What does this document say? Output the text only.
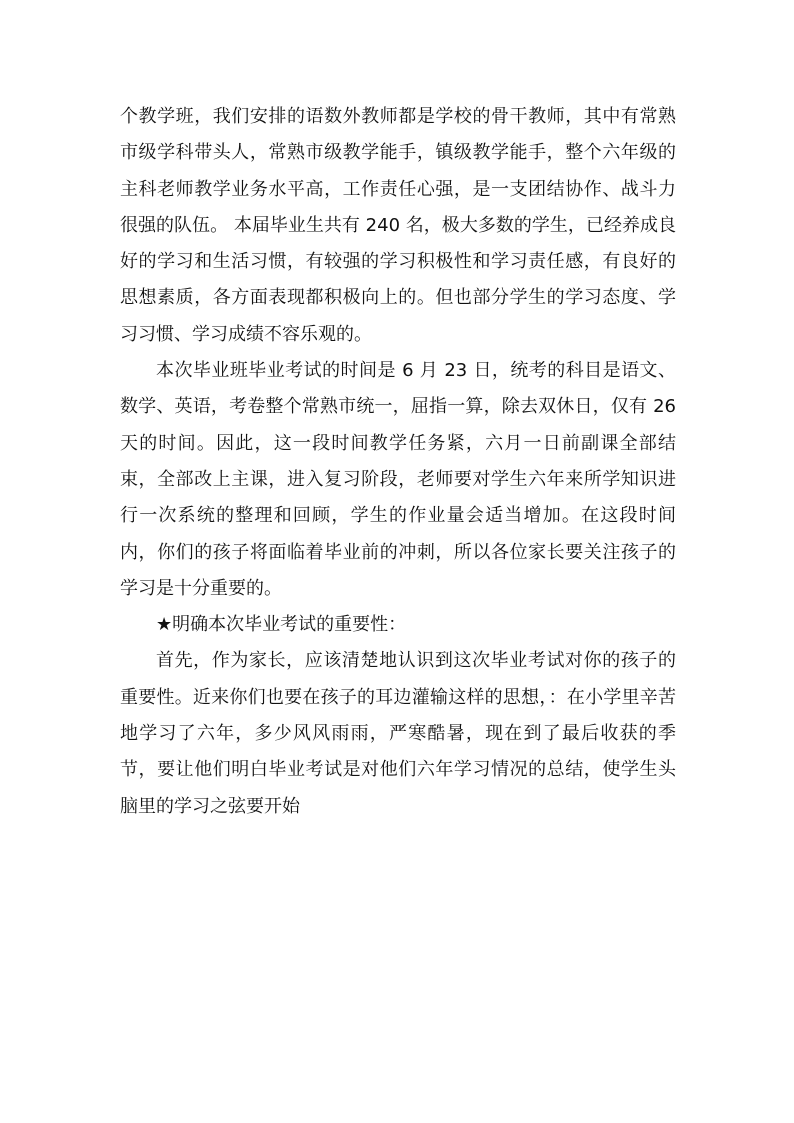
个教学班，我们安排的语数外教师都是学校的骨干教师，其中有常熟市级学科带头人，常熟市级教学能手，镇级教学能手，整个六年级的主科老师教学业务水平高，工作责任心强，是一支团结协作、战斗力很强的队伍。 本届毕业生共有 240 名，极大多数的学生，已经养成良好的学习和生活习惯，有较强的学习积极性和学习责任感，有良好的思想素质，各方面表现都积极向上的。但也部分学生的学习态度、学习习惯、学习成绩不容乐观的。

本次毕业班毕业考试的时间是 6 月 23 日，统考的科目是语文、数学、英语，考卷整个常熟市统一，屈指一算，除去双休日，仅有 26 天的时间。因此，这一段时间教学任务紧，六月一日前副课全部结束，全部改上主课，进入复习阶段，老师要对学生六年来所学知识进行一次系统的整理和回顾，学生的作业量会适当增加。在这段时间内，你们的孩子将面临着毕业前的冲刺，所以各位家长要关注孩子的学习是十分重要的。

★明确本次毕业考试的重要性：

首先，作为家长，应该清楚地认识到这次毕业考试对你的孩子的重要性。近来你们也要在孩子的耳边灌输这样的思想，：在小学里辛苦地学习了六年，多少风风雨雨，严寒酷暑，现在到了最后收获的季节，要让他们明白毕业考试是对他们六年学习情况的总结，使学生头脑里的学习之弦要开始
